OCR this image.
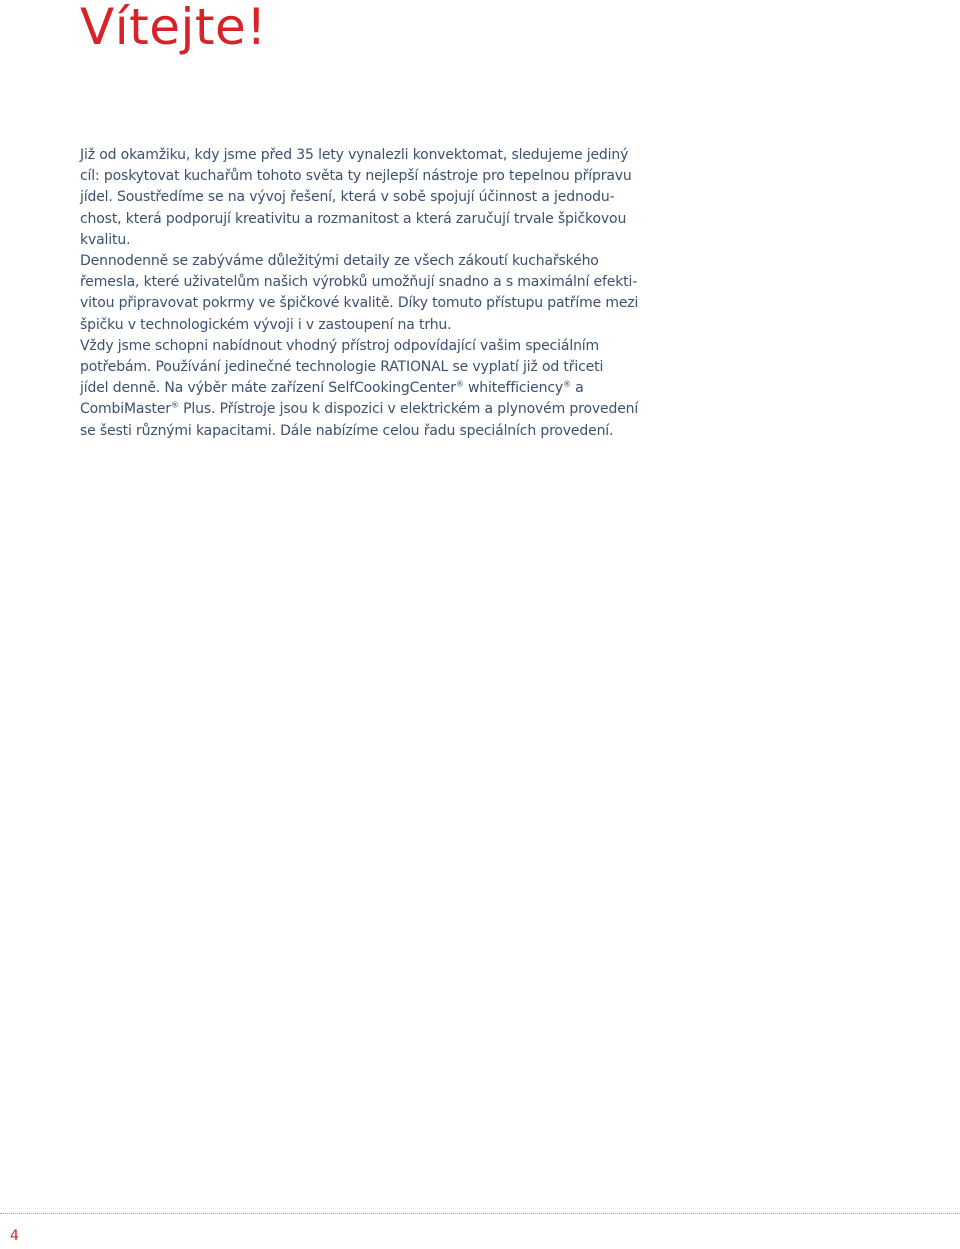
Vítejte!
Již od okamžiku, kdy jsme před 35 lety vynalezli konvektomat, sledujeme jediný
cíl: poskytovat kuchařům tohoto světa ty nejlepší nástroje pro tepelnou přípravu
jídel. Soustředíme se na vývoj řešení, která v sobě spojují účinnost a jednodu-
chost, která podporují kreativitu a rozmanitost a která zaručují trvale špičkovou
kvalitu.
Dennodenně se zabýváme důležitými detaily ze všech zákoutí kuchařského
řemesla, které uživatelům našich výrobků umožňují snadno a s maximální efekti-
vitou připravovat pokrmy ve špičkové kvalitě. Díky tomuto přístupu patříme mezi
špičku v technologickém vývoji i v zastoupení na trhu.
Vždy jsme schopni nabídnout vhodný přístroj odpovídající vašim speciálním
potřebám. Používání jedinečné technologie RATIONAL se vyplatí již od třiceti
jídel denně. Na výběr máte zařízení SelfCookingCenter® whitefficiency® a
CombiMaster® Plus. Přístroje jsou k dispozici v elektrickém a plynovém provedení
se šesti různými kapacitami. Dále nabízíme celou řadu speciálních provedení.
4
